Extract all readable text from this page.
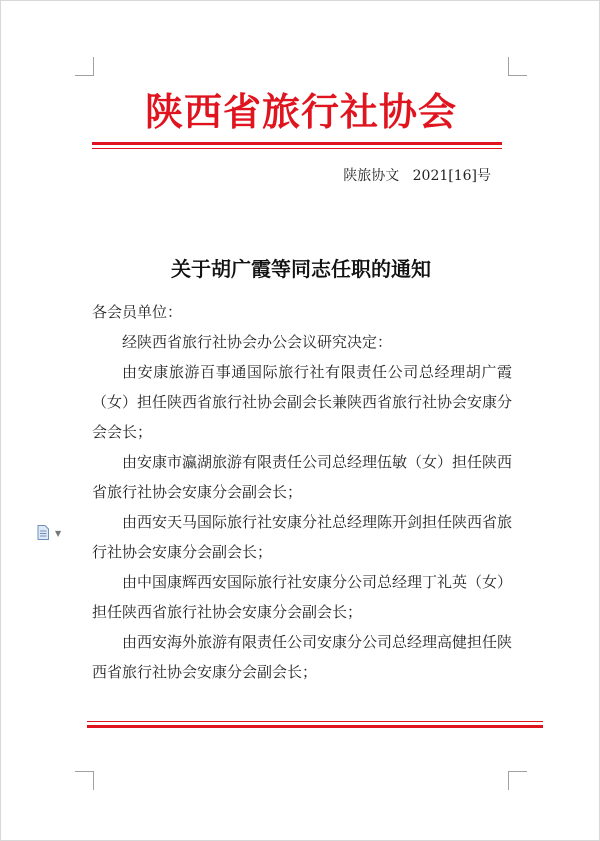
陕西省旅行社协会
陕旅协文   2021[16]号
关于胡广霞等同志任职的通知

各会员单位：

经陕西省旅行社协会办公会议研究决定：

由安康旅游百事通国际旅行社有限责任公司总经理胡广霞（女）担任陕西省旅行社协会副会长兼陕西省旅行社协会安康分会会长；

由安康市瀛湖旅游有限责任公司总经理伍敏（女）担任陕西省旅行社协会安康分会副会长；

由西安天马国际旅行社安康分社总经理陈开剑担任陕西省旅行社协会安康分会副会长；

由中国康辉西安国际旅行社安康分公司总经理丁礼英（女）担任陕西省旅行社协会安康分会副会长；

由西安海外旅游有限责任公司安康分公司总经理高健担任陕西省旅行社协会安康分会副会长；

▼
